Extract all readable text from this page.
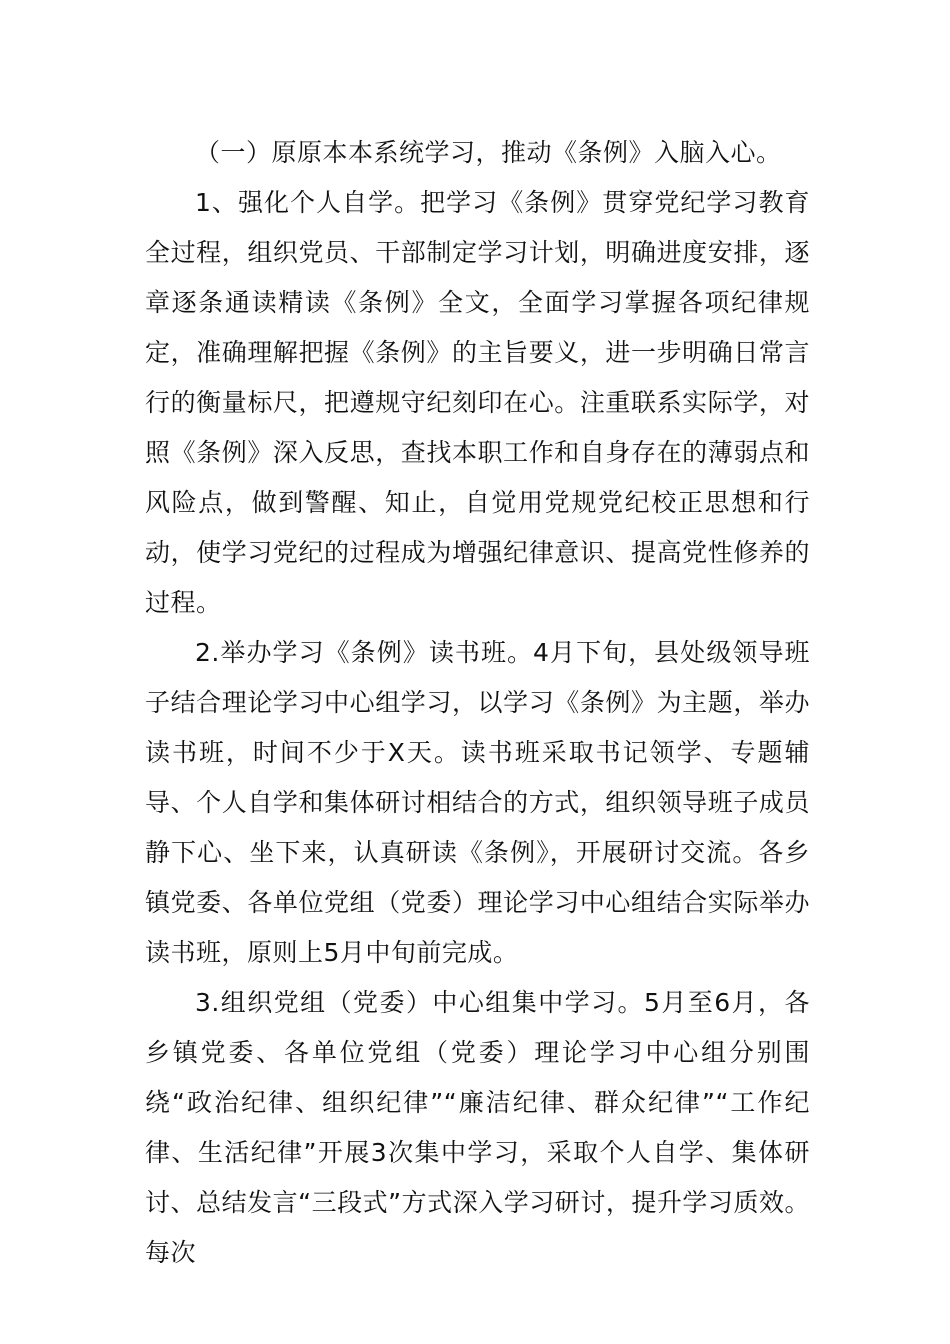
（一）原原本本系统学习，推动《条例》入脑入心。

1、强化个人自学。把学习《条例》贯穿党纪学习教育全过程，组织党员、干部制定学习计划，明确进度安排，逐章逐条通读精读《条例》全文，全面学习掌握各项纪律规定，准确理解把握《条例》的主旨要义，进一步明确日常言行的衡量标尺，把遵规守纪刻印在心。注重联系实际学，对照《条例》深入反思，查找本职工作和自身存在的薄弱点和风险点，做到警醒、知止，自觉用党规党纪校正思想和行动，使学习党纪的过程成为增强纪律意识、提高党性修养的过程。

2.举办学习《条例》读书班。4月下旬，县处级领导班子结合理论学习中心组学习，以学习《条例》为主题，举办读书班，时间不少于X天。读书班采取书记领学、专题辅导、个人自学和集体研讨相结合的方式，组织领导班子成员静下心、坐下来，认真研读《条例》，开展研讨交流。各乡镇党委、各单位党组（党委）理论学习中心组结合实际举办读书班，原则上5月中旬前完成。

3.组织党组（党委）中心组集中学习。5月至6月，各乡镇党委、各单位党组（党委）理论学习中心组分别围绕“政治纪律、组织纪律”“廉洁纪律、群众纪律”“工作纪律、生活纪律”开展3次集中学习，采取个人自学、集体研讨、总结发言“三段式”方式深入学习研讨，提升学习质效。每次
